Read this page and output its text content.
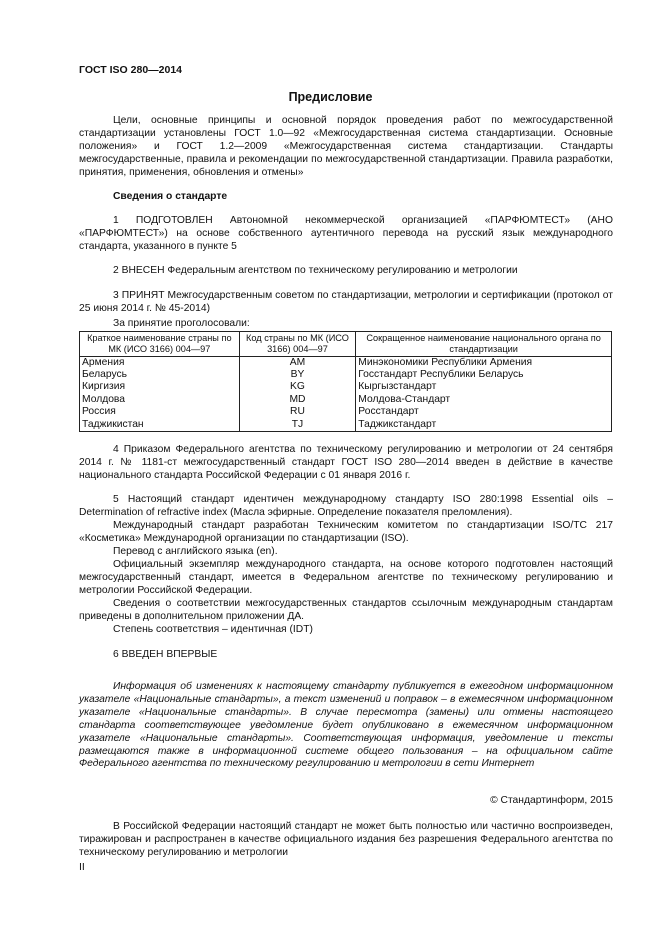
ГОСТ ISO 280—2014
Предисловие

Цели, основные принципы и основной порядок проведения работ по межгосударственной стандартизации установлены ГОСТ 1.0—92 «Межгосударственная система стандартизации. Основные положения» и ГОСТ 1.2—2009 «Межгосударственная система стандартизации. Стандарты межгосударственные, правила и рекомендации по межгосударственной стандартизации. Правила разработки, принятия, применения, обновления и отмены»

Сведения о стандарте

1 ПОДГОТОВЛЕН Автономной некоммерческой организацией «ПАРФЮМТЕСТ» (АНО «ПАРФЮМТЕСТ») на основе собственного аутентичного перевода на русский язык международного стандарта, указанного в пункте 5

2 ВНЕСЕН Федеральным агентством по техническому регулированию и метрологии

3 ПРИНЯТ Межгосударственным советом по стандартизации, метрологии и сертификации (протокол от 25 июня 2014 г. № 45-2014)

За принятие проголосовали:

Краткое наименование страны по МК (ИСО 3166) 004—97	Код страны по МК (ИСО 3166) 004—97	Сокращенное наименование национального органа по стандартизации
Армения	AM	Минэкономики Республики Армения
Беларусь	BY	Госстандарт Республики Беларусь
Киргизия	KG	Кыргызстандарт
Молдова	MD	Молдова-Стандарт
Россия	RU	Росстандарт
Таджикистан	TJ	Таджикстандарт

4 Приказом Федерального агентства по техническому регулированию и метрологии от 24 сентября 2014 г. № 1181-ст межгосударственный стандарт ГОСТ ISO 280—2014 введен в действие в качестве национального стандарта Российской Федерации с 01 января 2016 г.

5 Настоящий стандарт идентичен международному стандарту ISO 280:1998 Essential oils – Determination of refractive index (Масла эфирные. Определение показателя преломления).

Международный стандарт разработан Техническим комитетом по стандартизации ISO/TC 217 «Косметика» Международной организации по стандартизации (ISO).

Перевод с английского языка (en).

Официальный экземпляр международного стандарта, на основе которого подготовлен настоящий межгосударственный стандарт, имеется в Федеральном агентстве по техническому регулированию и метрологии Российской Федерации.

Сведения о соответствии межгосударственных стандартов ссылочным международным стандартам приведены в дополнительном приложении ДА.

Степень соответствия – идентичная (IDT)

6 ВВЕДЕН ВПЕРВЫЕ

Информация об изменениях к настоящему стандарту публикуется в ежегодном информационном указателе «Национальные стандарты», а текст изменений и поправок – в ежемесячном информационном указателе «Национальные стандарты». В случае пересмотра (замены) или отмены настоящего стандарта соответствующее уведомление будет опубликовано в ежемесячном информационном указателе «Национальные стандарты». Соответствующая информация, уведомление и тексты размещаются также в информационной системе общего пользования – на официальном сайте Федерального агентства по техническому регулированию и метрологии в сети Интернет

© Стандартинформ, 2015

В Российской Федерации настоящий стандарт не может быть полностью или частично воспроизведен, тиражирован и распространен в качестве официального издания без разрешения Федерального агентства по техническому регулированию и метрологии

II
